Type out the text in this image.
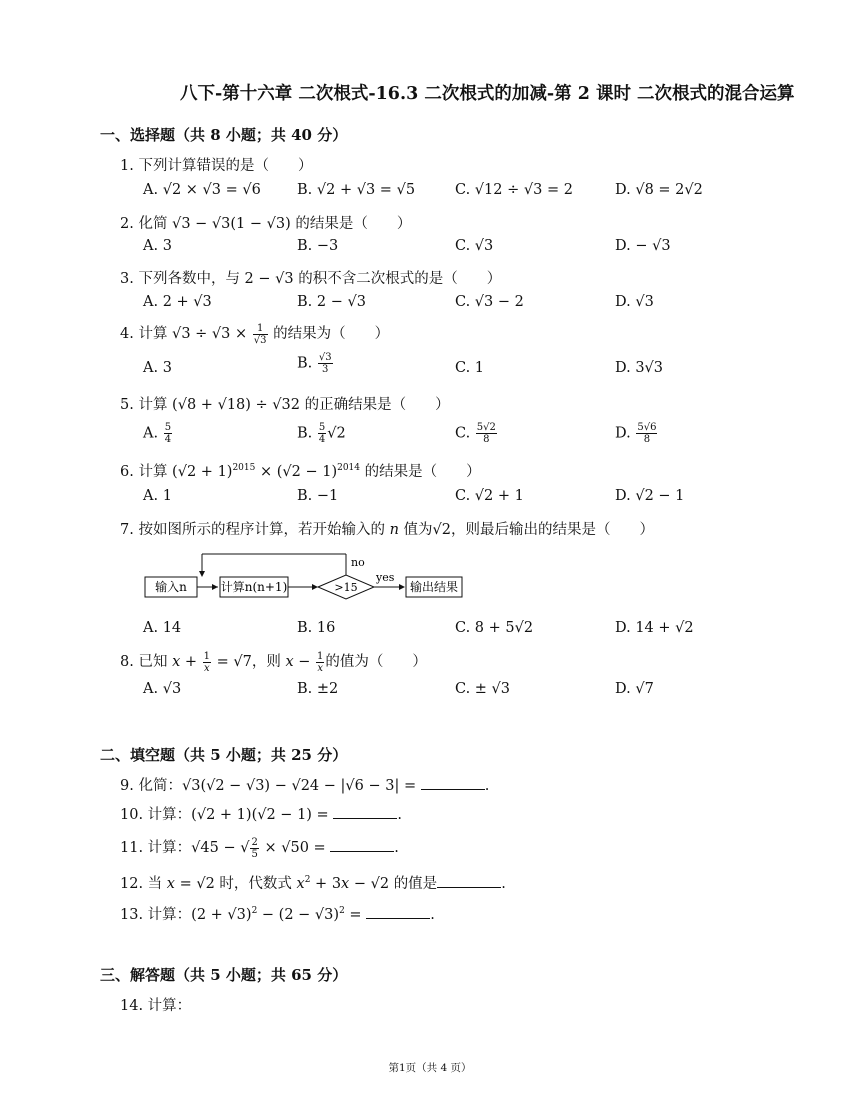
八下-第十六章 二次根式-16.3 二次根式的加减-第 2 课时 二次根式的混合运算
一、选择题（共 8 小题；共 40 分）
1. 下列计算错误的是（　　 ）
A. √2 × √3 = √6 B. √2 + √3 = √5	C. √12 ÷ √3 = 2	D. √8 = 2√2
2. 化简 √3 − √3(1 − √3) 的结果是（　　）
A. 3	B. −3	C. √3	D. − √3
3. 下列各数中，与 2 − √3 的积不含二次根式的是（　　）
A. 2 + √3	B. 2 − √3	C. √3 − 2	D. √3
4. 计算 $√3 \div √3 \times \frac{1}{√3}$ 的结果为（　　）
A. 3	B. $\frac{√3}{3}$	C. 1	D. 3√3
5. 计算 (√8 + √18) ÷ √32 的正确结果是（　　）
A. $\frac{5}{4}$	B. $\frac{5}{4} √2$	C. $\frac{5√2}{8}$	D. $\frac{5√6}{8}$
6. 计算 $(√2 + 1)^{2015} \times (√2 - 1)^{2014}$ 的结果是（　　）
A. 1	B. −1	C. √2 + 1	D. √2 − 1
7. 按如图所示的程序计算，若开始输入的 n 值为√2，则最后输出的结果是（　　）
输入n	计算n(n+1)	>15
no
yes
输出结果
A. 14	B. 16	C. 8 + 5√2	D. 14 + √2
8. 已知 $x + \frac{1}{x} = √7$，则 $x - \frac{1}{x}$ 的值为（　　）
A. √3	B. ±2	C. ± √3	D. √7
二、填空题（共 5 小题；共 25 分）
9. 化简：√3(√2 − √3) − √24 − |√6 − 3| =	.
10. 计算：(√2 + 1)(√2 − 1) =	.
11. 计算：√45 − √ $\frac{2}{5} \times √50$ =	.
12. 当 x = √2 时，代数式 $x^2 + 3x - √2$ 的值是	.
13. 计算：$(2 + √3)^2 - (2 - √3)^2$ =	.
三、解答题（共 5 小题；共 65 分）
14. 计算：
第1页（共 4 页）
